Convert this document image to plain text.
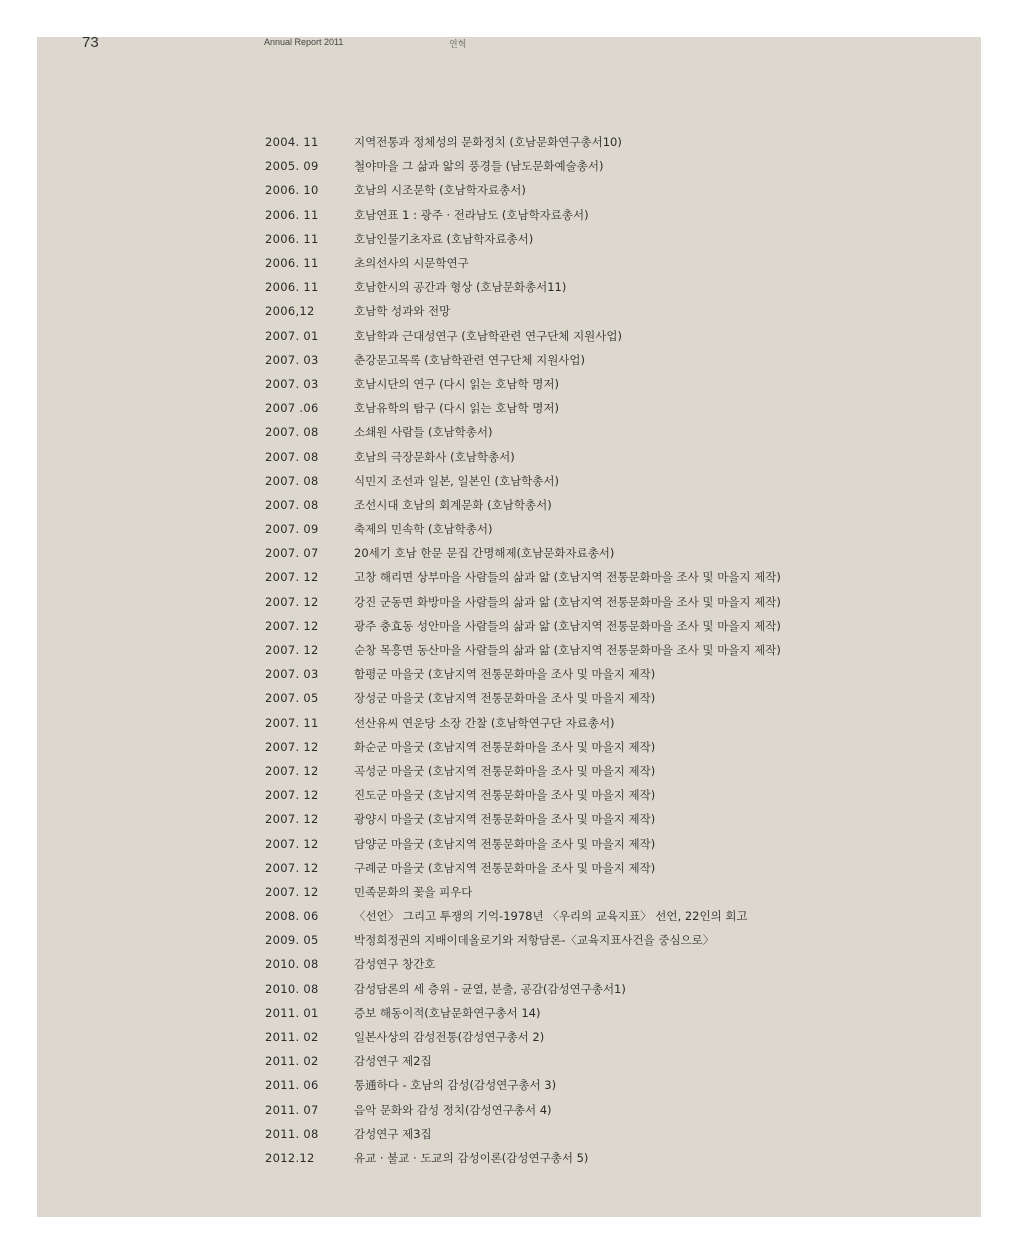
73	Annual Report 2011	연혁
2004. 11	지역전통과 정체성의 문화정치 (호남문화연구총서10)
2005. 09	철야마을 그 삶과 앎의 풍경들 (남도문화예술총서)
2006. 10	호남의 시조문학 (호남학자료총서)
2006. 11	호남연표 1 : 광주 · 전라남도 (호남학자료총서)
2006. 11	호남인물기초자료 (호남학자료총서)
2006. 11	초의선사의 시문학연구
2006. 11	호남한시의 공간과 형상 (호남문화총서11)
2006,12	호남학 성과와 전망
2007. 01	호남학과 근대성연구 (호남학관련 연구단체 지원사업)
2007. 03	춘강문고목록 (호남학관련 연구단체 지원사업)
2007. 03	호남시단의 연구 (다시 읽는 호남학 명저)
2007 .06	호남유학의 탐구 (다시 읽는 호남학 명저)
2007. 08	소쇄원 사람들 (호남학총서)
2007. 08	호남의 극장문화사 (호남학총서)
2007. 08	식민지 조선과 일본, 일본인 (호남학총서)
2007. 08	조선시대 호남의 회계문화 (호남학총서)
2007. 09	축제의 민속학 (호남학총서)
2007. 07	20세기 호남 한문 문집 간명해제(호남문화자료총서)
2007. 12	고창 해리면 상부마을 사람들의 삶과 앎 (호남지역 전통문화마을 조사 및 마을지 제작)
2007. 12	강진 군동면 화방마을 사람들의 삶과 앎 (호남지역 전통문화마을 조사 및 마을지 제작)
2007. 12	광주 충효동 성안마을 사람들의 삶과 앎 (호남지역 전통문화마을 조사 및 마을지 제작)
2007. 12	순창 목흥면 동산마을 사람들의 삶과 앎 (호남지역 전통문화마을 조사 및 마을지 제작)
2007. 03	함평군 마을굿 (호남지역 전통문화마을 조사 및 마을지 제작)
2007. 05	장성군 마을굿 (호남지역 전통문화마을 조사 및 마을지 제작)
2007. 11	선산유씨 연운당 소장 간찰 (호남학연구단 자료총서)
2007. 12	화순군 마을굿 (호남지역 전통문화마을 조사 및 마을지 제작)
2007. 12	곡성군 마을굿 (호남지역 전통문화마을 조사 및 마을지 제작)
2007. 12	진도군 마을굿 (호남지역 전통문화마을 조사 및 마을지 제작)
2007. 12	광양시 마을굿 (호남지역 전통문화마을 조사 및 마을지 제작)
2007. 12	담양군 마을굿 (호남지역 전통문화마을 조사 및 마을지 제작)
2007. 12	구례군 마을굿 (호남지역 전통문화마을 조사 및 마을지 제작)
2007. 12	민족문화의 꽃을 피우다
2008. 06	〈선언〉 그리고 투쟁의 기억-1978년 〈우리의 교육지표〉 선언, 22인의 회고
2009. 05	박정희정권의 지배이데올로기와 저항담론-〈교육지표사건을 중심으로〉
2010. 08	감성연구 창간호
2010. 08	감성담론의 세 층위 - 균열, 분출, 공감(감성연구총서1)
2011. 01	증보 해동이적(호남문화연구총서 14)
2011. 02	일본사상의 감성전통(감성연구총서 2)
2011. 02	감성연구 제2집
2011. 06	통通하다 - 호남의 감성(감성연구총서 3)
2011. 07	음악 문화와 감성 정치(감성연구총서 4)
2011. 08	감성연구 제3집
2012.12	유교 · 불교 · 도교의 감성이론(감성연구총서 5)
